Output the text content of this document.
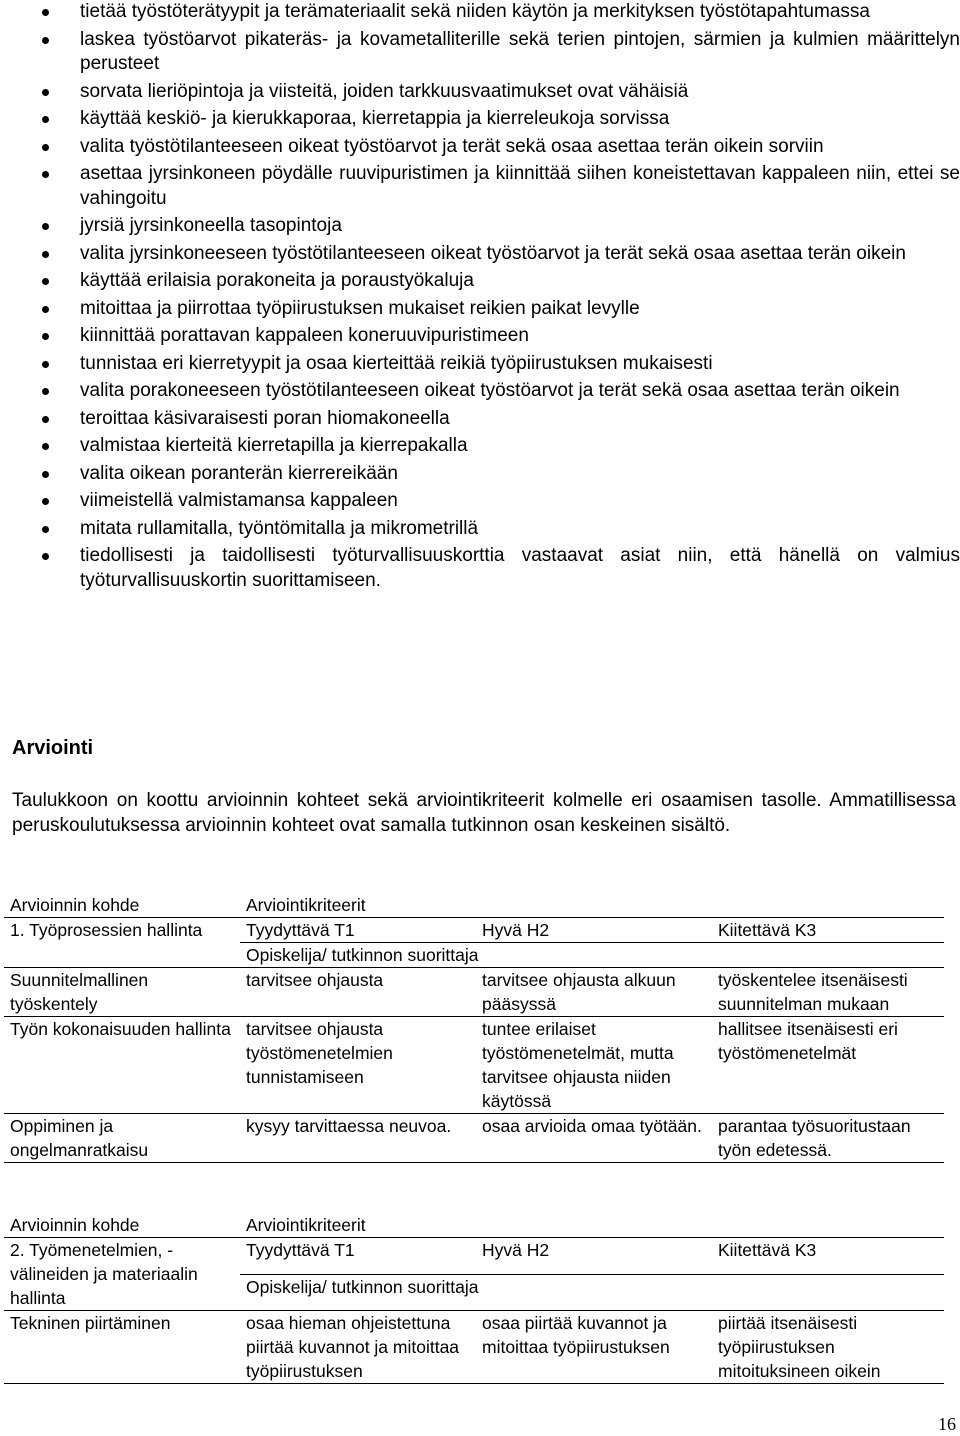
tietää työstöterätyypit ja terämateriaalit sekä niiden käytön ja merkityksen työstötapahtumassa
laskea työstöarvot pikateräs- ja kovametalliterille sekä terien pintojen, särmien ja kulmien määrittelyn perusteet
sorvata lieriöpintoja ja viisteitä, joiden tarkkuusvaatimukset ovat vähäisiä
käyttää keskiö- ja kierukkaporaa, kierretappia ja kierreleukoja sorvissa
valita työstötilanteeseen oikeat työstöarvot ja terät sekä osaa asettaa terän oikein sorviin
asettaa jyrsinkoneen pöydälle ruuvipuristimen ja kiinnittää siihen koneistettavan kappaleen niin, ettei se vahingoitu
jyrsiä jyrsinkoneella tasopintoja
valita jyrsinkoneeseen työstötilanteeseen oikeat työstöarvot ja terät sekä osaa asettaa terän oikein
käyttää erilaisia porakoneita ja poraustyökaluja
mitoittaa ja piirrottaa työpiirustuksen mukaiset reikien paikat levylle
kiinnittää porattavan kappaleen koneruuvipuristimeen
tunnistaa eri kierretyypit ja osaa kierteittää reikiä työpiirustuksen mukaisesti
valita porakoneeseen työstötilanteeseen oikeat työstöarvot ja terät sekä osaa asettaa terän oikein
teroittaa käsivaraisesti poran hiomakoneella
valmistaa kierteitä kierretapilla ja kierrepakalla
valita oikean poranterän kierrereikään
viimeistellä valmistamansa kappaleen
mitata rullamitalla, työntömitalla ja mikrometrillä
tiedollisesti ja taidollisesti työturvallisuuskorttia vastaavat asiat niin, että hänellä on valmius työturvallisuuskortin suorittamiseen.
Arviointi
Taulukkoon on koottu arvioinnin kohteet sekä arviointikriteerit kolmelle eri osaamisen tasolle. Ammatillisessa peruskoulutuksessa arvioinnin kohteet ovat samalla tutkinnon osan keskeinen sisältö.
Arvioinnin kohde	Arviointikriteerit		
1. Työprosessien hallinta	Tyydyttävä T1	Hyvä H2	Kiitettävä K3
	Opiskelija/ tutkinnon suorittaja		
Suunnitelmallinen työskentely	tarvitsee ohjausta	tarvitsee ohjausta alkuun pääsyssä	työskentelee itsenäisesti suunnitelman mukaan
Työn kokonaisuuden hallinta	tarvitsee ohjausta työstömenetelmien tunnistamiseen	tuntee erilaiset työstömenetelmät, mutta tarvitsee ohjausta niiden käytössä	hallitsee itsenäisesti eri työstömenetelmät
Oppiminen ja ongelmanratkaisu	kysyy tarvittaessa neuvoa.	osaa arvioida omaa työtään.	parantaa työsuoritustaan työn edetessä.
Arvioinnin kohde	Arviointikriteerit		
2. Työmenetelmien, -välineiden ja materiaalin hallinta	Tyydyttävä T1	Hyvä H2	Kiitettävä K3
	Opiskelija/ tutkinnon suorittaja		
Tekninen piirtäminen	osaa hieman ohjeistettuna piirtää kuvannot ja mitoittaa työpiirustuksen	osaa piirtää kuvannot ja mitoittaa työpiirustuksen	piirtää itsenäisesti työpiirustuksen mitoituksineen oikein
16
